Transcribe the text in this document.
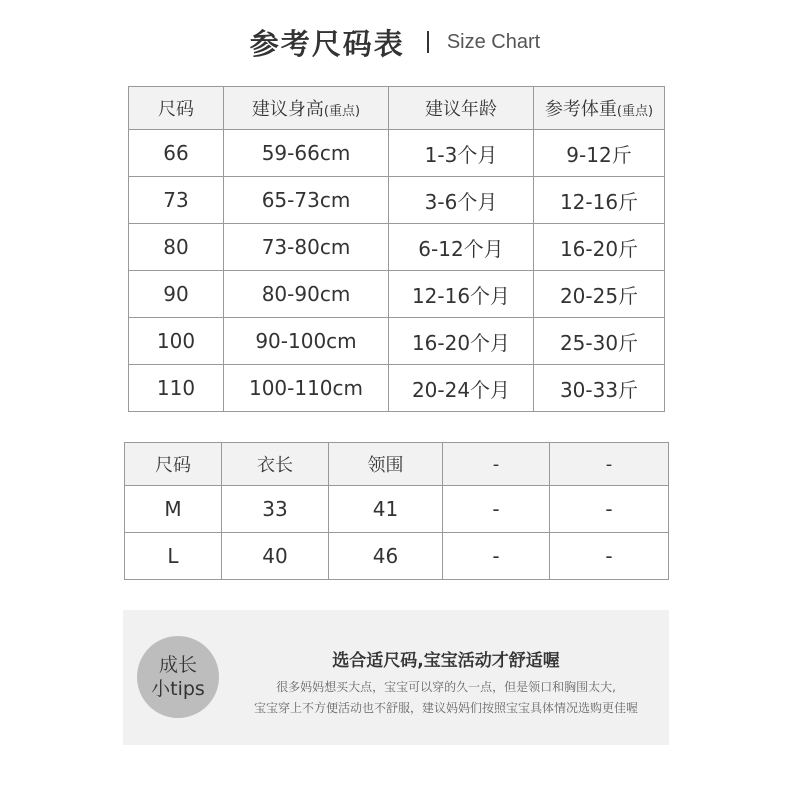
参考尺码表 Size Chart
尺码	建议身高(重点)	建议年龄	参考体重(重点)
66	59-66cm	1-3个月	9-12斤
73	65-73cm	3-6个月	12-16斤
80	73-80cm	6-12个月	16-20斤
90	80-90cm	12-16个月	20-25斤
100	90-100cm	16-20个月	25-30斤
110	100-110cm	20-24个月	30-33斤
尺码	衣长	领围	-	-
M	33	41	-	-
L	40	46	-	-
成长
小tips
选合适尺码,宝宝活动才舒适喔
很多妈妈想买大点，宝宝可以穿的久一点，但是领口和胸围太大,
宝宝穿上不方便活动也不舒服，建议妈妈们按照宝宝具体情况选购更佳喔
